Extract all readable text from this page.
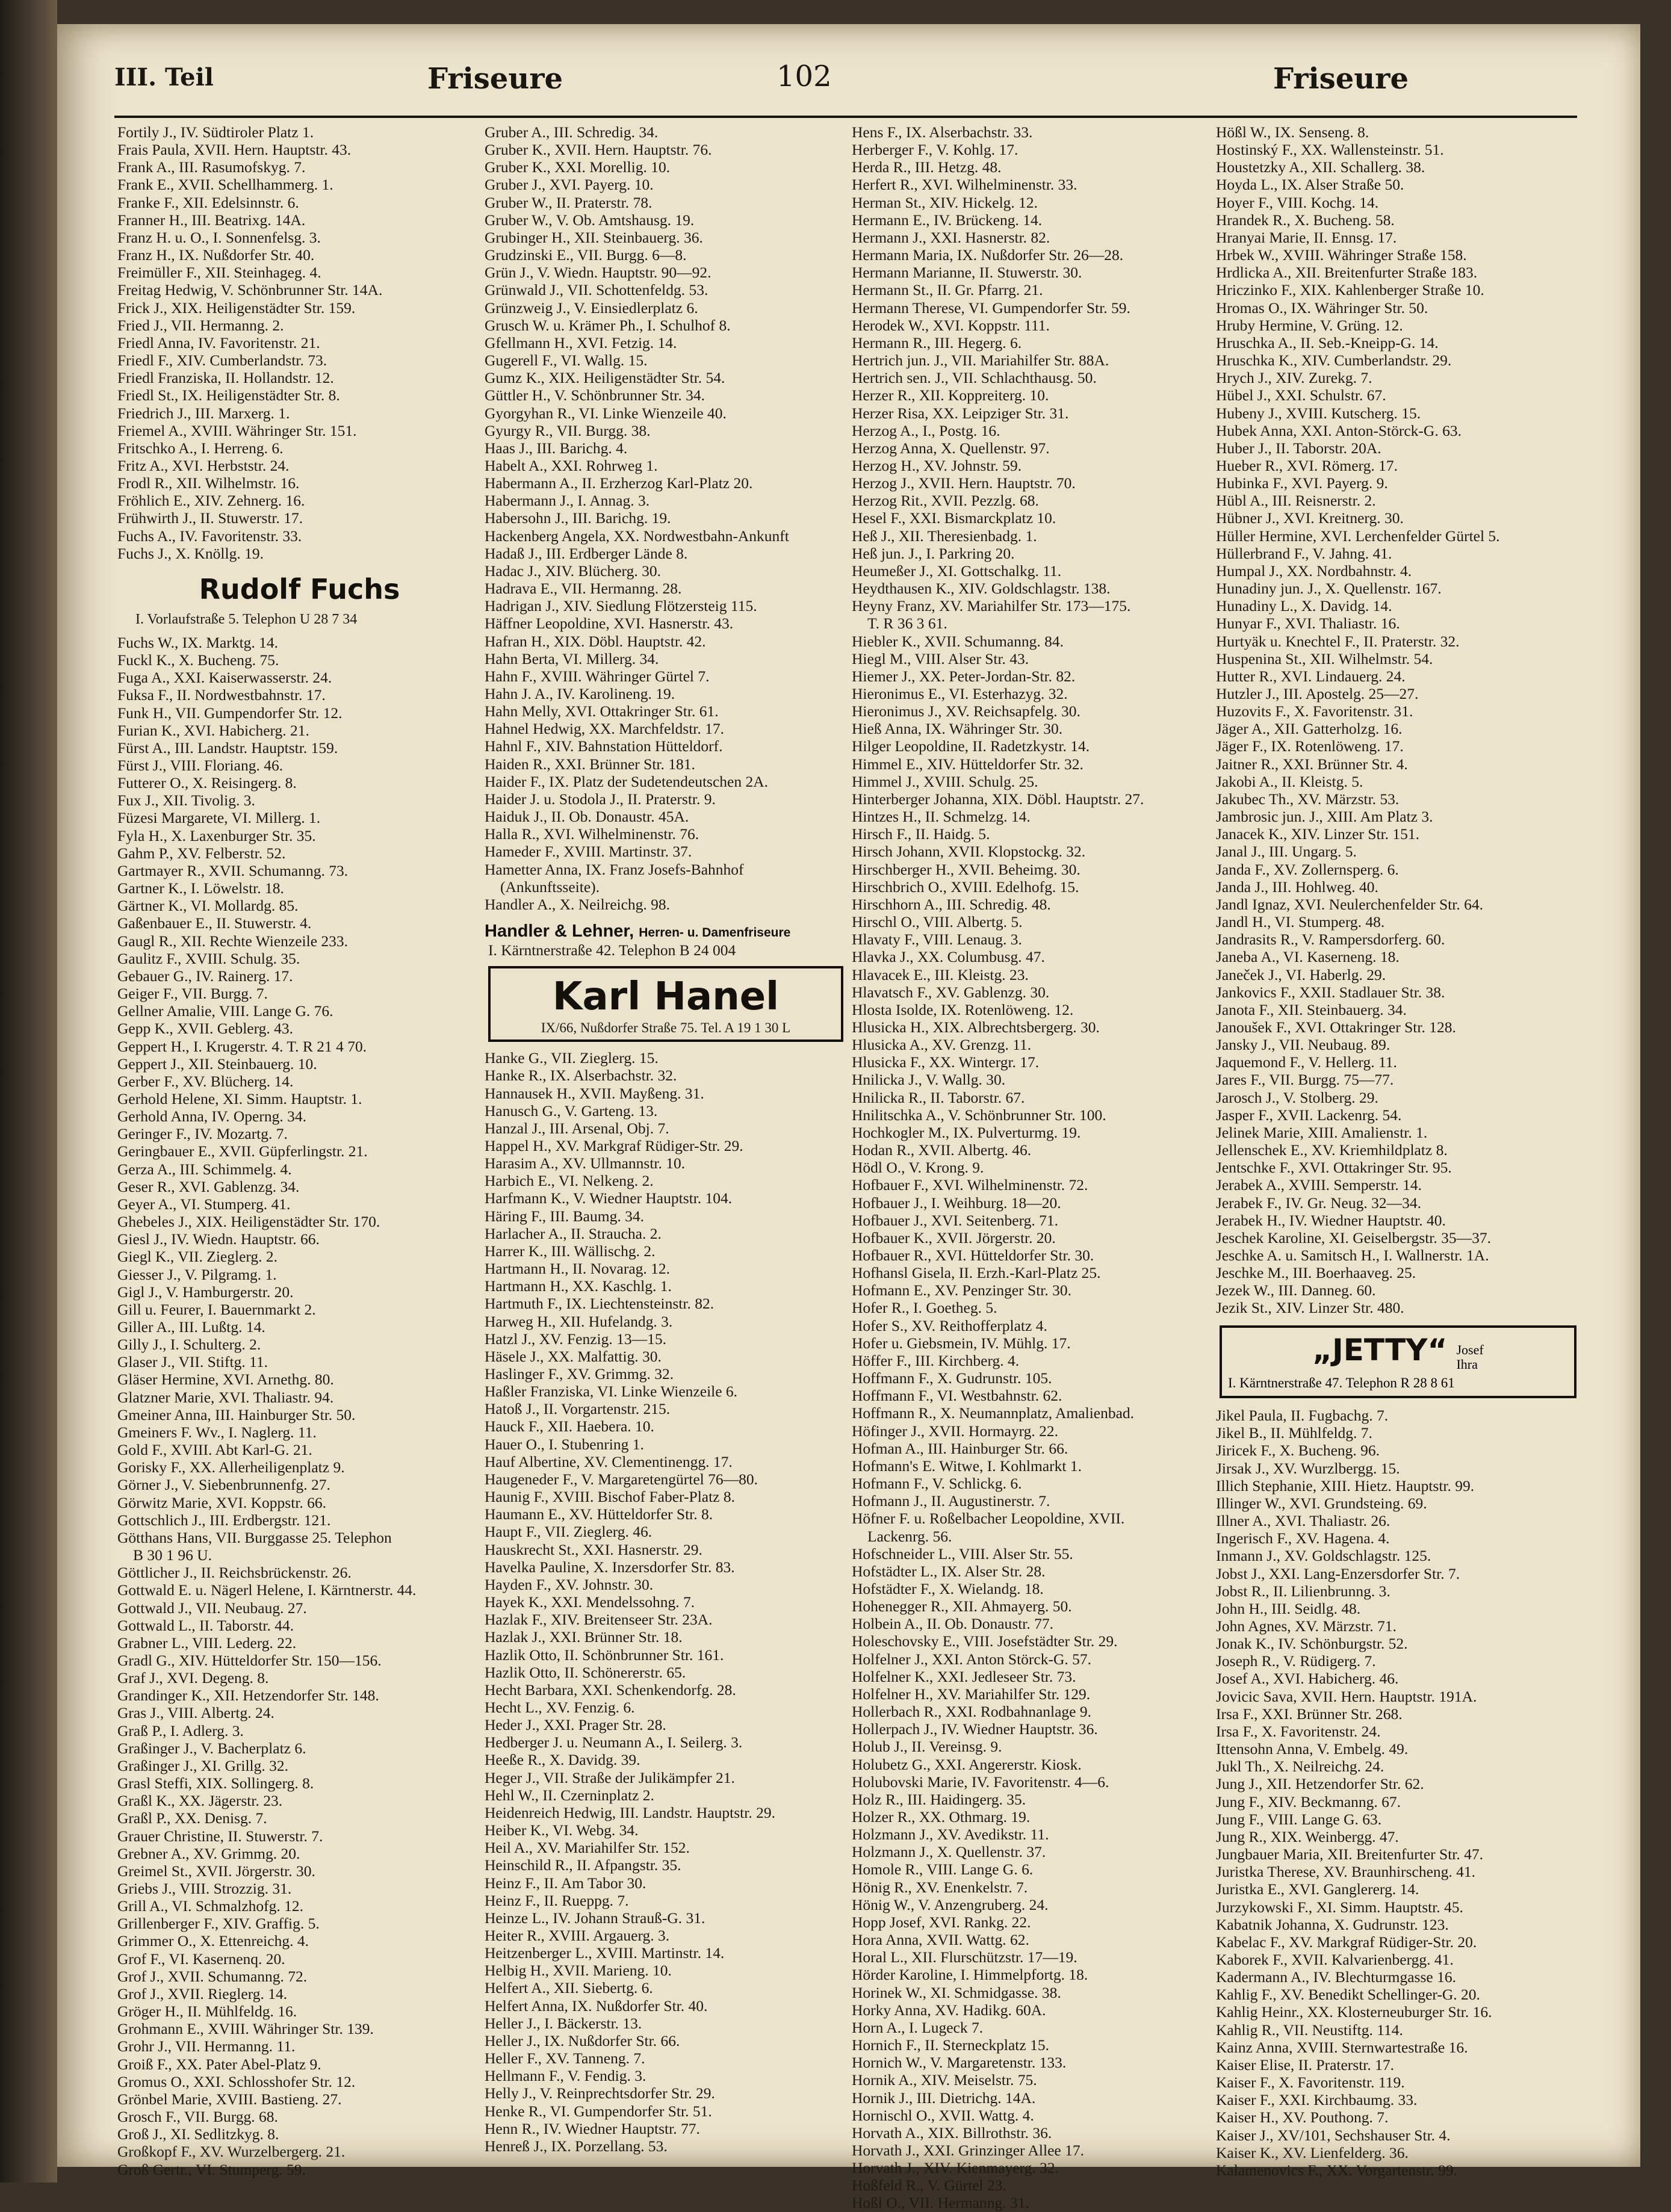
III. Teil	Friseure	102	Friseure
Fortily J., IV. Südtiroler Platz 1.
Frais Paula, XVII. Hern. Hauptstr. 43.
Frank A., III. Rasumofskyg. 7.
Frank E., XVII. Schellhammerg. 1.
Franke F., XII. Edelsinnstr. 6.
Franner H., III. Beatrixg. 14A.
Franz H. u. O., I. Sonnenfelsg. 3.
Franz H., IX. Nußdorfer Str. 40.
Freimüller F., XII. Steinhageg. 4.
Freitag Hedwig, V. Schönbrunner Str. 14A.
Frick J., XIX. Heiligenstädter Str. 159.
Fried J., VII. Hermanng. 2.
Friedl Anna, IV. Favoritenstr. 21.
Friedl F., XIV. Cumberlandstr. 73.
Friedl Franziska, II. Hollandstr. 12.
Friedl St., IX. Heiligenstädter Str. 8.
Friedrich J., III. Marxerg. 1.
Friemel A., XVIII. Währinger Str. 151.
Fritschko A., I. Herreng. 6.
Fritz A., XVI. Herbststr. 24.
Frodl R., XII. Wilhelmstr. 16.
Fröhlich E., XIV. Zehnerg. 16.
Frühwirth J., II. Stuwerstr. 17.
Fuchs A., IV. Favoritenstr. 33.
Fuchs J., X. Knöllg. 19.
Rudolf Fuchs
I. Vorlaufstraße 5. Telephon U 28 7 34
Fuchs W., IX. Marktg. 14.
Fuckl K., X. Bucheng. 75.
Fuga A., XXI. Kaiserwasserstr. 24.
Fuksa F., II. Nordwestbahnstr. 17.
Funk H., VII. Gumpendorfer Str. 12.
Furian K., XVI. Habicherg. 21.
Fürst A., III. Landstr. Hauptstr. 159.
Fürst J., VIII. Floriang. 46.
Futterer O., X. Reisingerg. 8.
Fux J., XII. Tivolig. 3.
Füzesi Margarete, VI. Millerg. 1.
Fyla H., X. Laxenburger Str. 35.
Gahm P., XV. Felberstr. 52.
Gartmayer R., XVII. Schumanng. 73.
Gartner K., I. Löwelstr. 18.
Gärtner K., VI. Mollardg. 85.
Gaßenbauer E., II. Stuwerstr. 4.
Gaugl R., XII. Rechte Wienzeile 233.
Gaulitz F., XVIII. Schulg. 35.
Gebauer G., IV. Rainerg. 17.
Geiger F., VII. Burgg. 7.
Gellner Amalie, VIII. Lange G. 76.
Gepp K., XVII. Geblerg. 43.
Geppert H., I. Krugerstr. 4. T. R 21 4 70.
Geppert J., XII. Steinbauerg. 10.
Gerber F., XV. Blücherg. 14.
Gerhold Helene, XI. Simm. Hauptstr. 1.
Gerhold Anna, IV. Operng. 34.
Geringer F., IV. Mozartg. 7.
Geringbauer E., XVII. Güpferlingstr. 21.
Gerza A., III. Schimmelg. 4.
Geser R., XVI. Gablenzg. 34.
Geyer A., VI. Stumperg. 41.
Ghebeles J., XIX. Heiligenstädter Str. 170.
Giesl J., IV. Wiedn. Hauptstr. 66.
Giegl K., VII. Zieglerg. 2.
Giesser J., V. Pilgramg. 1.
Gigl J., V. Hamburgerstr. 20.
Gill u. Feurer, I. Bauernmarkt 2.
Giller A., III. Lußtg. 14.
Gilly J., I. Schulterg. 2.
Glaser J., VII. Stiftg. 11.
Gläser Hermine, XVI. Arnethg. 80.
Glatzner Marie, XVI. Thaliastr. 94.
Gmeiner Anna, III. Hainburger Str. 50.
Gmeiners F. Wv., I. Naglerg. 11.
Gold F., XVIII. Abt Karl-G. 21.
Gorisky F., XX. Allerheiligenplatz 9.
Görner J., V. Siebenbrunnenfg. 27.
Görwitz Marie, XVI. Koppstr. 66.
Gottschlich J., III. Erdbergstr. 121.
Götthans Hans, VII. Burggasse 25. Telephon
B 30 1 96 U.
Göttlicher J., II. Reichsbrückenstr. 26.
Gottwald E. u. Nägerl Helene, I. Kärntnerstr. 44.
Gottwald J., VII. Neubaug. 27.
Gottwald L., II. Taborstr. 44.
Grabner L., VIII. Lederg. 22.
Gradl G., XIV. Hütteldorfer Str. 150—156.
Graf J., XVI. Degeng. 8.
Grandinger K., XII. Hetzendorfer Str. 148.
Gras J., VIII. Albertg. 24.
Graß P., I. Adlerg. 3.
Graßinger J., V. Bacherplatz 6.
Graßinger J., XI. Grillg. 32.
Grasl Steffi, XIX. Sollingerg. 8.
Graßl K., XX. Jägerstr. 23.
Graßl P., XX. Denisg. 7.
Grauer Christine, II. Stuwerstr. 7.
Grebner A., XV. Grimmg. 20.
Greimel St., XVII. Jörgerstr. 30.
Griebs J., VIII. Strozzig. 31.
Grill A., VI. Schmalzhofg. 12.
Grillenberger F., XIV. Graffig. 5.
Grimmer O., X. Ettenreichg. 4.
Grof F., VI. Kasernenq. 20.
Grof J., XVII. Schumanng. 72.
Grof J., XVII. Rieglerg. 14.
Gröger H., II. Mühlfeldg. 16.
Grohmann E., XVIII. Währinger Str. 139.
Grohr J., VII. Hermanng. 11.
Groiß F., XX. Pater Abel-Platz 9.
Gromus O., XXI. Schlosshofer Str. 12.
Grönbel Marie, XVIII. Bastieng. 27.
Grosch F., VII. Burgg. 68.
Groß J., XI. Sedlitzkyg. 8.
Großkopf F., XV. Wurzelbergerg. 21.
Groß Gertr., VI. Stumperg. 59.
Gruber A., III. Schredig. 34.
Gruber K., XVII. Hern. Hauptstr. 76.
Gruber K., XXI. Morellig. 10.
Gruber J., XVI. Payerg. 10.
Gruber W., II. Praterstr. 78.
Gruber W., V. Ob. Amtshausg. 19.
Grubinger H., XII. Steinbauerg. 36.
Grudzinski E., VII. Burgg. 6—8.
Grün J., V. Wiedn. Hauptstr. 90—92.
Grünwald J., VII. Schottenfeldg. 53.
Grünzweig J., V. Einsiedlerplatz 6.
Grusch W. u. Krämer Ph., I. Schulhof 8.
Gfellmann H., XVI. Fetzig. 14.
Gugerell F., VI. Wallg. 15.
Gumz K., XIX. Heiligenstädter Str. 54.
Güttler H., V. Schönbrunner Str. 34.
Gyorgyhan R., VI. Linke Wienzeile 40.
Gyurgy R., VII. Burgg. 38.
Haas J., III. Barichg. 4.
Habelt A., XXI. Rohrweg 1.
Habermann A., II. Erzherzog Karl-Platz 20.
Habermann J., I. Annag. 3.
Habersohn J., III. Barichg. 19.
Hackenberg Angela, XX. Nordwestbahn-Ankunft
Hadaß J., III. Erdberger Lände 8.
Hadac J., XIV. Blücherg. 30.
Hadrava E., VII. Hermanng. 28.
Hadrigan J., XIV. Siedlung Flötzersteig 115.
Häffner Leopoldine, XVI. Hasnerstr. 43.
Hafran H., XIX. Döbl. Hauptstr. 42.
Hahn Berta, VI. Millerg. 34.
Hahn F., XVIII. Währinger Gürtel 7.
Hahn J. A., IV. Karolineng. 19.
Hahn Melly, XVI. Ottakringer Str. 61.
Hahnel Hedwig, XX. Marchfeldstr. 17.
Hahnl F., XIV. Bahnstation Hütteldorf.
Haiden R., XXI. Brünner Str. 181.
Haider F., IX. Platz der Sudetendeutschen 2A.
Haider J. u. Stodola J., II. Praterstr. 9.
Haiduk J., II. Ob. Donaustr. 45A.
Halla R., XVI. Wilhelminenstr. 76.
Hameder F., XVIII. Martinstr. 37.
Hametter Anna, IX. Franz Josefs-Bahnhof
(Ankunftsseite).
Handler A., X. Neilreichg. 98.
Handler & Lehner, Herren- u. Damenfriseure
I. Kärntnerstraße 42. Telephon B 24 004
Karl Hanel
IX/66, Nußdorfer Straße 75. Tel. A 19 1 30 L
Hanke G., VII. Zieglerg. 15.
Hanke R., IX. Alserbachstr. 32.
Hannausek H., XVII. Mayßeng. 31.
Hanusch G., V. Garteng. 13.
Hanzal J., III. Arsenal, Obj. 7.
Happel H., XV. Markgraf Rüdiger-Str. 29.
Harasim A., XV. Ullmannstr. 10.
Harbich E., VI. Nelkeng. 2.
Harfmann K., V. Wiedner Hauptstr. 104.
Häring F., III. Baumg. 34.
Harlacher A., II. Straucha. 2.
Harrer K., III. Wällischg. 2.
Hartmann H., II. Novarag. 12.
Hartmann H., XX. Kaschlg. 1.
Hartmuth F., IX. Liechtensteinstr. 82.
Harweg H., XII. Hufelandg. 3.
Hatzl J., XV. Fenzig. 13—15.
Häsele J., XX. Malfattig. 30.
Haslinger F., XV. Grimmg. 32.
Haßler Franziska, VI. Linke Wienzeile 6.
Hatoß J., II. Vorgartenstr. 215.
Hauck F., XII. Haebera. 10.
Hauer O., I. Stubenring 1.
Hauf Albertine, XV. Clementinengg. 17.
Haugeneder F., V. Margaretengürtel 76—80.
Haunig F., XVIII. Bischof Faber-Platz 8.
Haumann E., XV. Hütteldorfer Str. 8.
Haupt F., VII. Zieglerg. 46.
Hauskrecht St., XXI. Hasnerstr. 29.
Havelka Pauline, X. Inzersdorfer Str. 83.
Hayden F., XV. Johnstr. 30.
Hayek K., XXI. Mendelssohng. 7.
Hazlak F., XIV. Breitenseer Str. 23A.
Hazlak J., XXI. Brünner Str. 18.
Hazlik Otto, II. Schönbrunner Str. 161.
Hazlik Otto, II. Schönererstr. 65.
Hecht Barbara, XXI. Schenkendorfg. 28.
Hecht L., XV. Fenzig. 6.
Heder J., XXI. Prager Str. 28.
Hedberger J. u. Neumann A., I. Seilerg. 3.
Heeße R., X. Davidg. 39.
Heger J., VII. Straße der Julikämpfer 21.
Hehl W., II. Czerninplatz 2.
Heidenreich Hedwig, III. Landstr. Hauptstr. 29.
Heiber K., VI. Webg. 34.
Heil A., XV. Mariahilfer Str. 152.
Heinschild R., II. Afpangstr. 35.
Heinz F., II. Am Tabor 30.
Heinz F., II. Rueppg. 7.
Heinze L., IV. Johann Strauß-G. 31.
Heiter R., XVIII. Argauerg. 3.
Heitzenberger L., XVIII. Martinstr. 14.
Helbig H., XVII. Marieng. 10.
Helfert A., XII. Siebertg. 6.
Helfert Anna, IX. Nußdorfer Str. 40.
Heller J., I. Bäckerstr. 13.
Heller J., IX. Nußdorfer Str. 66.
Heller F., XV. Tanneng. 7.
Hellmann F., V. Fendig. 3.
Helly J., V. Reinprechtsdorfer Str. 29.
Henke R., VI. Gumpendorfer Str. 51.
Henn R., IV. Wiedner Hauptstr. 77.
Henreß J., IX. Porzellang. 53.
Hens F., IX. Alserbachstr. 33.
Herberger F., V. Kohlg. 17.
Herda R., III. Hetzg. 48.
Herfert R., XVI. Wilhelminenstr. 33.
Herman St., XIV. Hickelg. 12.
Hermann E., IV. Brückeng. 14.
Hermann J., XXI. Hasnerstr. 82.
Hermann Maria, IX. Nußdorfer Str. 26—28.
Hermann Marianne, II. Stuwerstr. 30.
Hermann St., II. Gr. Pfarrg. 21.
Hermann Therese, VI. Gumpendorfer Str. 59.
Herodek W., XVI. Koppstr. 111.
Hermann R., III. Hegerg. 6.
Hertrich jun. J., VII. Mariahilfer Str. 88A.
Hertrich sen. J., VII. Schlachthausg. 50.
Herzer R., XII. Koppreiterg. 10.
Herzer Risa, XX. Leipziger Str. 31.
Herzog A., I., Postg. 16.
Herzog Anna, X. Quellenstr. 97.
Herzog H., XV. Johnstr. 59.
Herzog J., XVII. Hern. Hauptstr. 70.
Herzog Rit., XVII. Pezzlg. 68.
Hesel F., XXI. Bismarckplatz 10.
Heß J., XII. Theresienbadg. 1.
Heß jun. J., I. Parkring 20.
Heumeßer J., XI. Gottschalkg. 11.
Heydthausen K., XIV. Goldschlagstr. 138.
Heyny Franz, XV. Mariahilfer Str. 173—175.
T. R 36 3 61.
Hiebler K., XVII. Schumanng. 84.
Hiegl M., VIII. Alser Str. 43.
Hiemer J., XX. Peter-Jordan-Str. 82.
Hieronimus E., VI. Esterhazyg. 32.
Hieronimus J., XV. Reichsapfelg. 30.
Hieß Anna, IX. Währinger Str. 30.
Hilger Leopoldine, II. Radetzkystr. 14.
Himmel E., XIV. Hütteldorfer Str. 32.
Himmel J., XVIII. Schulg. 25.
Hinterberger Johanna, XIX. Döbl. Hauptstr. 27.
Hintzes H., II. Schmelzg. 14.
Hirsch F., II. Haidg. 5.
Hirsch Johann, XVII. Klopstockg. 32.
Hirschberger H., XVII. Beheimg. 30.
Hirschbrich O., XVIII. Edelhofg. 15.
Hirschhorn A., III. Schredig. 48.
Hirschl O., VIII. Albertg. 5.
Hlavaty F., VIII. Lenaug. 3.
Hlavka J., XX. Columbusg. 47.
Hlavacek E., III. Kleistg. 23.
Hlavatsch F., XV. Gablenzg. 30.
Hlosta Isolde, IX. Rotenlöweng. 12.
Hlusicka H., XIX. Albrechtsbergerg. 30.
Hlusicka A., XV. Grenzg. 11.
Hlusicka F., XX. Wintergr. 17.
Hnilicka J., V. Wallg. 30.
Hnilicka R., II. Taborstr. 67.
Hnilitschka A., V. Schönbrunner Str. 100.
Hochkogler M., IX. Pulverturmg. 19.
Hodan R., XVII. Albertg. 46.
Hödl O., V. Krong. 9.
Hofbauer F., XVI. Wilhelminenstr. 72.
Hofbauer J., I. Weihburg. 18—20.
Hofbauer J., XVI. Seitenberg. 71.
Hofbauer K., XVII. Jörgerstr. 20.
Hofbauer R., XVI. Hütteldorfer Str. 30.
Hofhansl Gisela, II. Erzh.-Karl-Platz 25.
Hofmann E., XV. Penzinger Str. 30.
Hofer R., I. Goetheg. 5.
Hofer S., XV. Reithofferplatz 4.
Hofer u. Giebsmein, IV. Mühlg. 17.
Höffer F., III. Kirchberg. 4.
Hoffmann F., X. Gudrunstr. 105.
Hoffmann F., VI. Westbahnstr. 62.
Hoffmann R., X. Neumannplatz, Amalienbad.
Höfinger J., XVII. Hormayrg. 22.
Hofman A., III. Hainburger Str. 66.
Hofmann's E. Witwe, I. Kohlmarkt 1.
Hofmann F., V. Schlickg. 6.
Hofmann J., II. Augustinerstr. 7.
Höfner F. u. Roßelbacher Leopoldine, XVII.
Lackenrg. 56.
Hofschneider L., VIII. Alser Str. 55.
Hofstädter L., IX. Alser Str. 28.
Hofstädter F., X. Wielandg. 18.
Hohenegger R., XII. Ahmayerg. 50.
Holbein A., II. Ob. Donaustr. 77.
Holeschovsky E., VIII. Josefstädter Str. 29.
Holfelner J., XXI. Anton Störck-G. 57.
Holfelner K., XXI. Jedleseer Str. 73.
Holfelner H., XV. Mariahilfer Str. 129.
Hollerbach R., XXI. Rodbahnanlage 9.
Hollerpach J., IV. Wiedner Hauptstr. 36.
Holub J., II. Vereinsg. 9.
Holubetz G., XXI. Angererstr. Kiosk.
Holubovski Marie, IV. Favoritenstr. 4—6.
Holz R., III. Haidingerg. 35.
Holzer R., XX. Othmarg. 19.
Holzmann J., XV. Avedikstr. 11.
Holzmann J., X. Quellenstr. 37.
Homole R., VIII. Lange G. 6.
Hönig R., XV. Enenkelstr. 7.
Hönig W., V. Anzengruberg. 24.
Hopp Josef, XVI. Rankg. 22.
Hora Anna, XVII. Wattg. 62.
Horal L., XII. Flurschützstr. 17—19.
Hörder Karoline, I. Himmelpfortg. 18.
Horinek W., XI. Schmidgasse. 38.
Horky Anna, XV. Hadikg. 60A.
Horn A., I. Lugeck 7.
Hornich F., II. Sterneckplatz 15.
Hornich W., V. Margaretenstr. 133.
Hornik A., XIV. Meiselstr. 75.
Hornik J., III. Dietrichg. 14A.
Hornischl O., XVII. Wattg. 4.
Horvath A., XIX. Billrothstr. 36.
Horvath J., XXI. Grinzinger Allee 17.
Horvath J., XIV. Kienmayerg. 32.
Hoßfeld R., V. Gürtel 23.
Hoßl O., VII. Hermanng. 31.
Hößl W., IX. Senseng. 8.
Hostinský F., XX. Wallensteinstr. 51.
Houstetzky A., XII. Schallerg. 38.
Hoyda L., IX. Alser Straße 50.
Hoyer F., VIII. Kochg. 14.
Hrandek R., X. Bucheng. 58.
Hranyai Marie, II. Ennsg. 17.
Hrbek W., XVIII. Währinger Straße 158.
Hrdlicka A., XII. Breitenfurter Straße 183.
Hriczinko F., XIX. Kahlenberger Straße 10.
Hromas O., IX. Währinger Str. 50.
Hruby Hermine, V. Grüng. 12.
Hruschka A., II. Seb.-Kneipp-G. 14.
Hruschka K., XIV. Cumberlandstr. 29.
Hrych J., XIV. Zurekg. 7.
Hübel J., XXI. Schulstr. 67.
Hubeny J., XVIII. Kutscherg. 15.
Hubek Anna, XXI. Anton-Störck-G. 63.
Huber J., II. Taborstr. 20A.
Hueber R., XVI. Römerg. 17.
Hubinka F., XVI. Payerg. 9.
Hübl A., III. Reisnerstr. 2.
Hübner J., XVI. Kreitnerg. 30.
Hüller Hermine, XVI. Lerchenfelder Gürtel 5.
Hüllerbrand F., V. Jahng. 41.
Humpal J., XX. Nordbahnstr. 4.
Hunadiny jun. J., X. Quellenstr. 167.
Hunadiny L., X. Davidg. 14.
Hunyar F., XVI. Thaliastr. 16.
Hurtyäk u. Knechtel F., II. Praterstr. 32.
Huspenina St., XII. Wilhelmstr. 54.
Hutter R., XVI. Lindauerg. 24.
Hutzler J., III. Apostelg. 25—27.
Huzovits F., X. Favoritenstr. 31.
Jäger A., XII. Gatterholzg. 16.
Jäger F., IX. Rotenlöweng. 17.
Jaitner R., XXI. Brünner Str. 4.
Jakobi A., II. Kleistg. 5.
Jakubec Th., XV. Märzstr. 53.
Jambrosic jun. J., XIII. Am Platz 3.
Janacek K., XIV. Linzer Str. 151.
Janal J., III. Ungarg. 5.
Janda F., XV. Zollernsperg. 6.
Janda J., III. Hohlweg. 40.
Jandl Ignaz, XVI. Neulerchenfelder Str. 64.
Jandl H., VI. Stumperg. 48.
Jandrasits R., V. Rampersdorferg. 60.
Janeba A., VI. Kaserneng. 18.
Janeček J., VI. Haberlg. 29.
Jankovics F., XXII. Stadlauer Str. 38.
Janota F., XII. Steinbauerg. 34.
Janoušek F., XVI. Ottakringer Str. 128.
Jansky J., VII. Neubaug. 89.
Jaquemond F., V. Hellerg. 11.
Jares F., VII. Burgg. 75—77.
Jarosch J., V. Stolberg. 29.
Jasper F., XVII. Lackenrg. 54.
Jelinek Marie, XIII. Amalienstr. 1.
Jellenschek E., XV. Kriemhildplatz 8.
Jentschke F., XVI. Ottakringer Str. 95.
Jerabek A., XVIII. Semperstr. 14.
Jerabek F., IV. Gr. Neug. 32—34.
Jerabek H., IV. Wiedner Hauptstr. 40.
Jeschek Karoline, XI. Geiselbergstr. 35—37.
Jeschke A. u. Samitsch H., I. Wallnerstr. 1A.
Jeschke M., III. Boerhaaveg. 25.
Jezek W., III. Danneg. 60.
Jezik St., XIV. Linzer Str. 480.
„JETTY“ Josef
Ihra
I. Kärntnerstraße 47. Telephon R 28 8 61
Jikel Paula, II. Fugbachg. 7.
Jikel B., II. Mühlfeldg. 7.
Jiricek F., X. Bucheng. 96.
Jirsak J., XV. Wurzlbergg. 15.
Illich Stephanie, XIII. Hietz. Hauptstr. 99.
Illinger W., XVI. Grundsteing. 69.
Illner A., XVI. Thaliastr. 26.
Ingerisch F., XV. Hagena. 4.
Inmann J., XV. Goldschlagstr. 125.
Jobst J., XXI. Lang-Enzersdorfer Str. 7.
Jobst R., II. Lilienbrunng. 3.
John H., III. Seidlg. 48.
John Agnes, XV. Märzstr. 71.
Jonak K., IV. Schönburgstr. 52.
Joseph R., V. Rüdigerg. 7.
Josef A., XVI. Habicherg. 46.
Jovicic Sava, XVII. Hern. Hauptstr. 191A.
Irsa F., XXI. Brünner Str. 268.
Irsa F., X. Favoritenstr. 24.
Ittensohn Anna, V. Embelg. 49.
Jukl Th., X. Neilreichg. 24.
Jung J., XII. Hetzendorfer Str. 62.
Jung F., XIV. Beckmanng. 67.
Jung F., VIII. Lange G. 63.
Jung R., XIX. Weinbergg. 47.
Jungbauer Maria, XII. Breitenfurter Str. 47.
Juristka Therese, XV. Braunhirscheng. 41.
Juristka E., XVI. Ganglererg. 14.
Jurzykowski F., XI. Simm. Hauptstr. 45.
Kabatnik Johanna, X. Gudrunstr. 123.
Kabelac F., XV. Markgraf Rüdiger-Str. 20.
Kaborek F., XVII. Kalvarienbergg. 41.
Kadermann A., IV. Blechturmgasse 16.
Kahlig F., XV. Benedikt Schellinger-G. 20.
Kahlig Heinr., XX. Klosterneuburger Str. 16.
Kahlig R., VII. Neustiftg. 114.
Kainz Anna, XVIII. Sternwartestraße 16.
Kaiser Elise, II. Praterstr. 17.
Kaiser F., X. Favoritenstr. 119.
Kaiser F., XXI. Kirchbaumg. 33.
Kaiser H., XV. Pouthong. 7.
Kaiser J., XV/101, Sechshauser Str. 4.
Kaiser K., XV. Lienfelderg. 36.
Kalamenovics F., XX. Vorgartenstr. 99.
